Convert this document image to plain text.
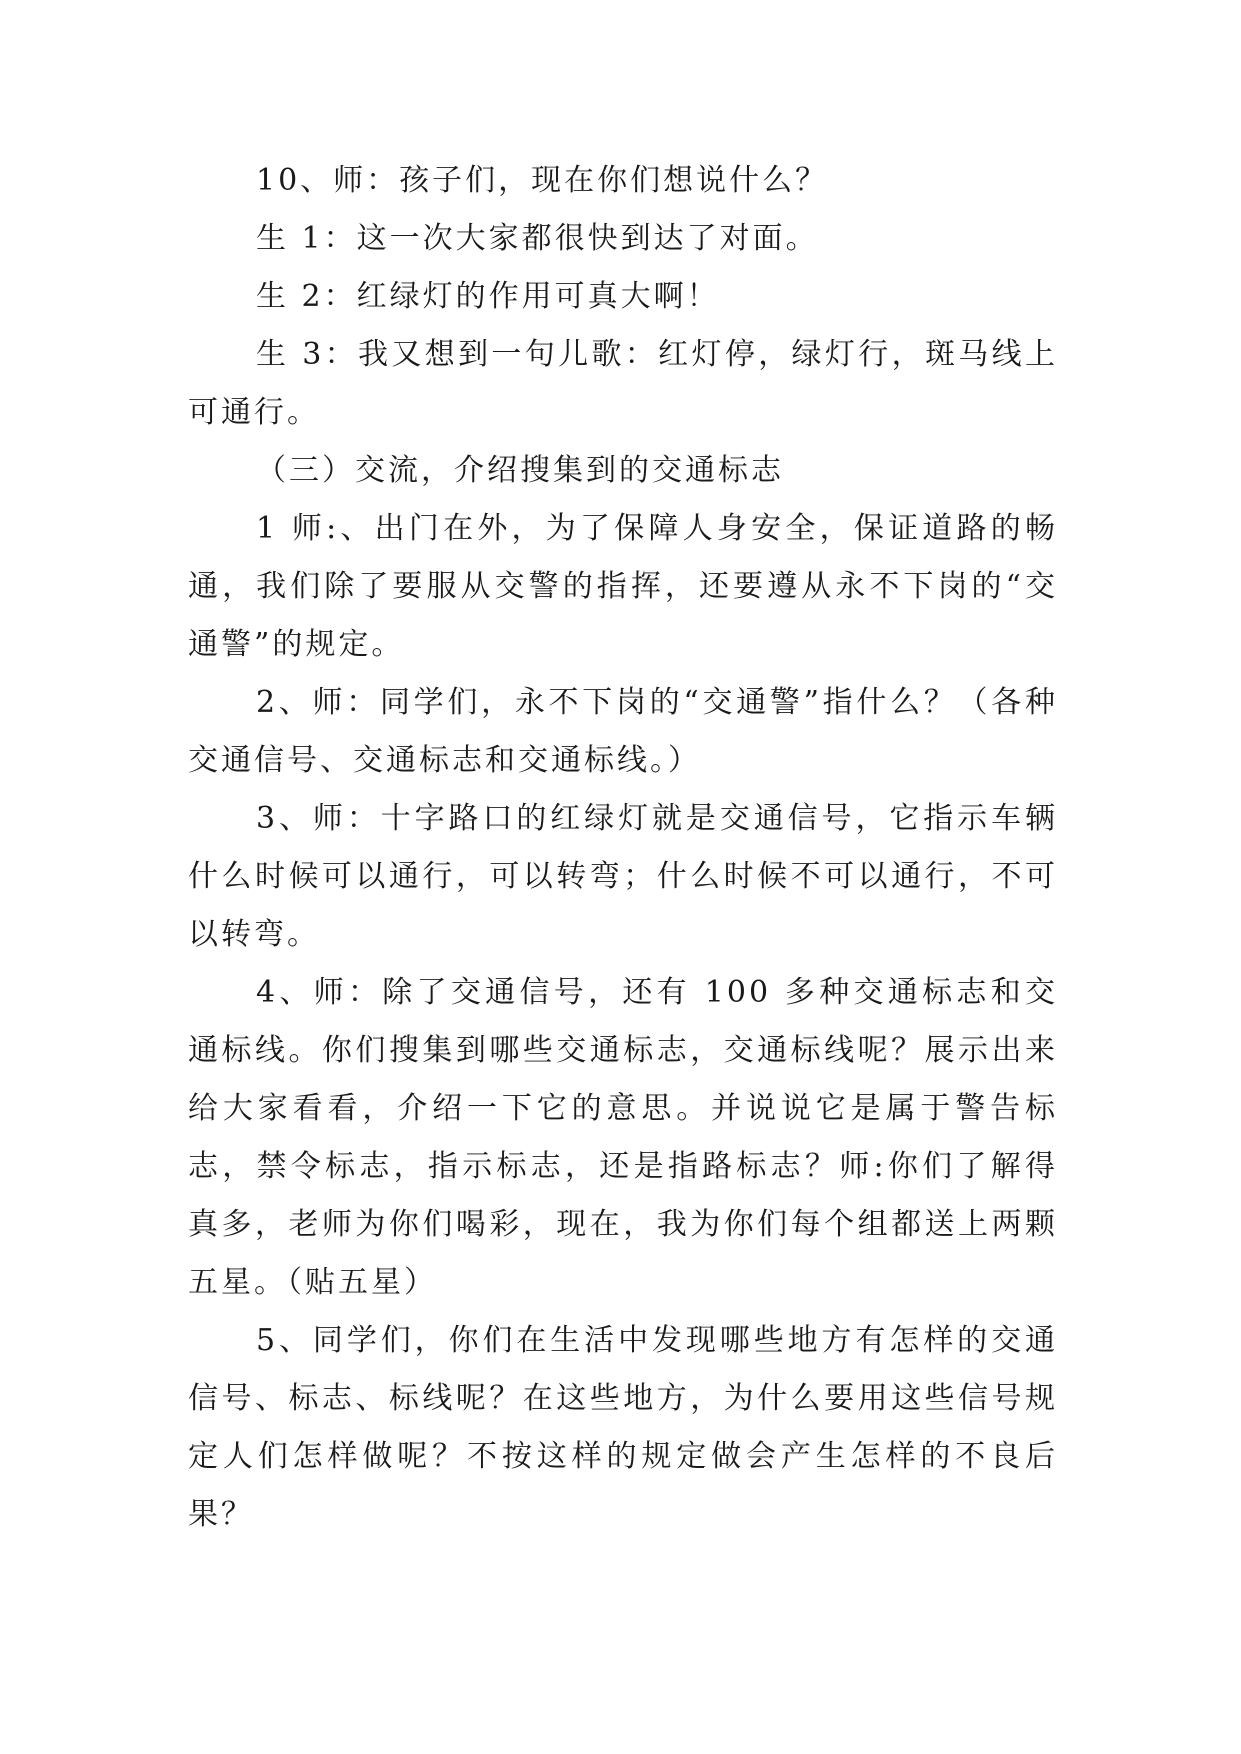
10、师：孩子们，现在你们想说什么？

生 1：这一次大家都很快到达了对面。

生 2：红绿灯的作用可真大啊！

生 3：我又想到一句儿歌：红灯停，绿灯行，斑马线上可通行。

（三）交流，介绍搜集到的交通标志

1 师:、出门在外，为了保障人身安全，保证道路的畅通，我们除了要服从交警的指挥，还要遵从永不下岗的“交通警”的规定。

2、师：同学们，永不下岗的“交通警”指什么？（各种交通信号、交通标志和交通标线。）

3、师：十字路口的红绿灯就是交通信号，它指示车辆什么时候可以通行，可以转弯；什么时候不可以通行，不可以转弯。

4、师：除了交通信号，还有 100 多种交通标志和交通标线。你们搜集到哪些交通标志，交通标线呢？展示出来给大家看看，介绍一下它的意思。并说说它是属于警告标志，禁令标志，指示标志，还是指路标志？师:你们了解得真多，老师为你们喝彩，现在，我为你们每个组都送上两颗五星。（贴五星）

5、同学们，你们在生活中发现哪些地方有怎样的交通信号、标志、标线呢？在这些地方，为什么要用这些信号规定人们怎样做呢？不按这样的规定做会产生怎样的不良后果？
